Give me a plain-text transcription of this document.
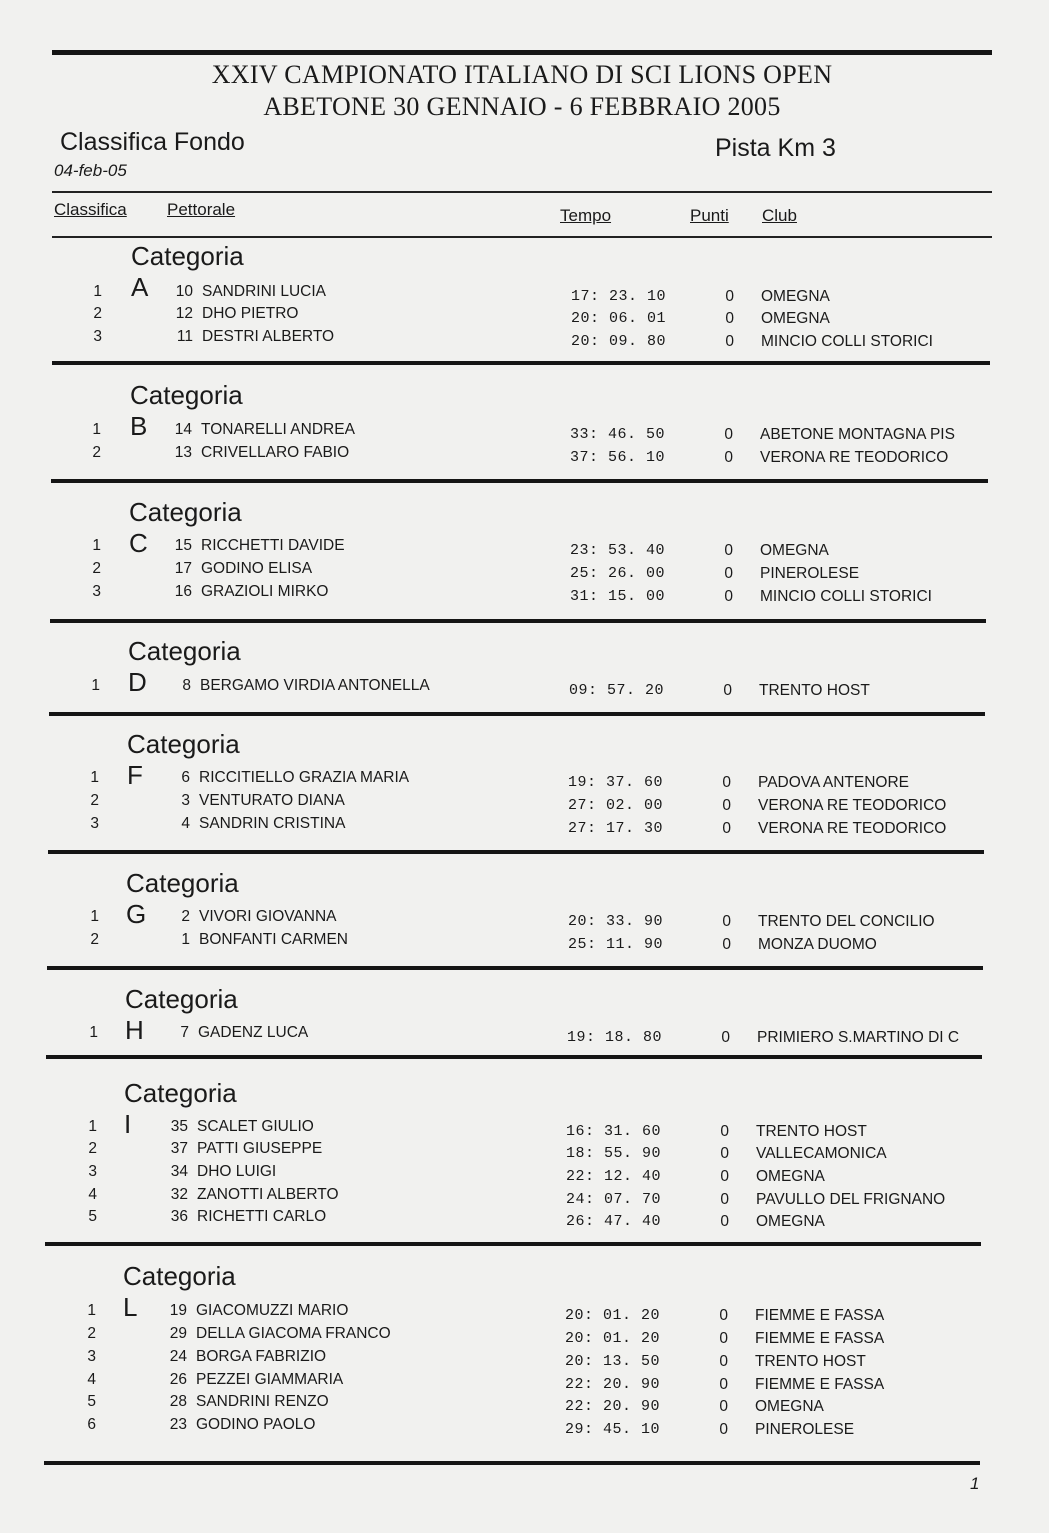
XXIV CAMPIONATO ITALIANO DI SCI LIONS OPEN
ABETONE 30 GENNAIO - 6 FEBBRAIO 2005
Classifica Fondo	Pista Km 3
04-feb-05
Classifica Pettorale	Tempo	Punti Club
Categoria A
1	10 SANDRINI LUCIA	17: 23. 10	0 OMEGNA
2	12 DHO PIETRO	20: 06. 01	0 OMEGNA
3	11 DESTRI ALBERTO	20: 09. 80	0 MINCIO COLLI STORICI
Categoria B
1	14 TONARELLI ANDREA	33: 46. 50	0 ABETONE MONTAGNA PIS
2	13 CRIVELLARO FABIO	37: 56. 10	0 VERONA RE TEODORICO
Categoria C
1	15 RICCHETTI DAVIDE	23: 53. 40	0 OMEGNA
2	17 GODINO ELISA	25: 26. 00	0 PINEROLESE
3	16 GRAZIOLI MIRKO	31: 15. 00	0 MINCIO COLLI STORICI
Categoria D
1	8 BERGAMO VIRDIA ANTONELLA	09: 57. 20	0 TRENTO HOST
Categoria F
1	6 RICCITIELLO GRAZIA MARIA	19: 37. 60	0 PADOVA ANTENORE
2	3 VENTURATO DIANA	27: 02. 00	0 VERONA RE TEODORICO
3	4 SANDRIN CRISTINA	27: 17. 30	0 VERONA RE TEODORICO
Categoria G
1	2 VIVORI GIOVANNA	20: 33. 90	0 TRENTO DEL CONCILIO
2	1 BONFANTI CARMEN	25: 11. 90	0 MONZA DUOMO
Categoria H
1	7 GADENZ LUCA	19: 18. 80	0 PRIMIERO S.MARTINO DI C
Categoria I
1	35 SCALET GIULIO	16: 31. 60	0 TRENTO HOST
2	37 PATTI GIUSEPPE	18: 55. 90	0 VALLECAMONICA
3	34 DHO LUIGI	22: 12. 40	0 OMEGNA
4	32 ZANOTTI ALBERTO	24: 07. 70	0 PAVULLO DEL FRIGNANO
5	36 RICHETTI CARLO	26: 47. 40	0 OMEGNA
Categoria L
1	19 GIACOMUZZI MARIO	20: 01. 20	0 FIEMME E FASSA
2	29 DELLA GIACOMA FRANCO	20: 01. 20	0 FIEMME E FASSA
3	24 BORGA FABRIZIO	20: 13. 50	0 TRENTO HOST
4	26 PEZZEI GIAMMARIA	22: 20. 90	0 FIEMME E FASSA
5	28 SANDRINI RENZO	22: 20. 90	0 OMEGNA
6	23 GODINO PAOLO	29: 45. 10	0 PINEROLESE
1
